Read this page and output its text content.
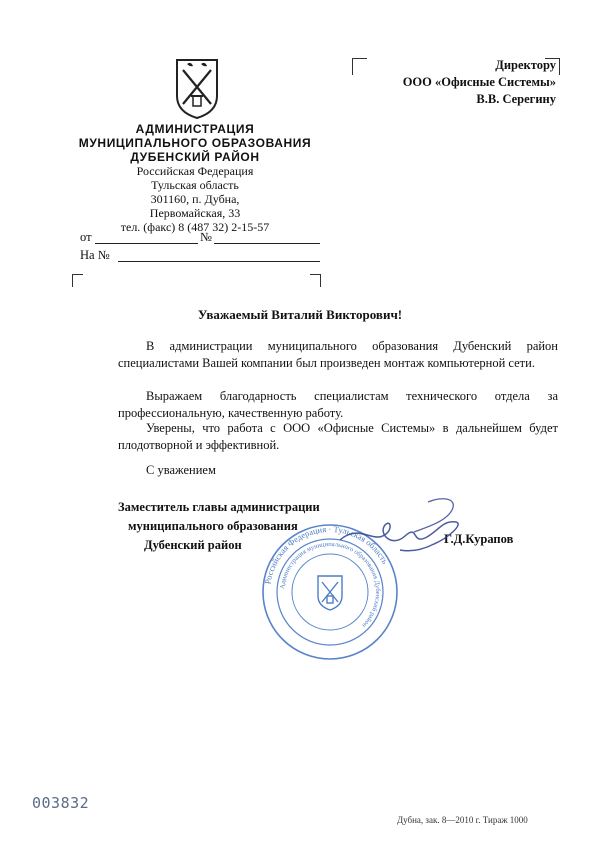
АДМИНИСТРАЦИЯ
МУНИЦИПАЛЬНОГО ОБРАЗОВАНИЯ
ДУБЕНСКИЙ РАЙОН
Российская Федерация
Тульская область
301160, п. Дубна,
Первомайская, 33
тел. (факс) 8 (487 32) 2-15-57
от	№
На №
Директору
ООО «Офисные Системы»
В.В. Серегину
Уважаемый Виталий Викторович!
В администрации муниципального образования Дубенский район специалистами Вашей компании был произведен монтаж компьютерной сети.
Выражаем благодарность специалистам технического отдела за профессиональную, качественную работу.
Уверены, что работа с ООО «Офисные Системы» в дальнейшем будет плодотворной и эффективной.
С уважением
Заместитель главы администрации
муниципального образования
Дубенский район	Г.Д.Курапов
Российская Федерация · Тульская область
Администрация муниципального образования Дубенский район
003832
Дубна, зак. 8—2010 г. Тираж 1000
